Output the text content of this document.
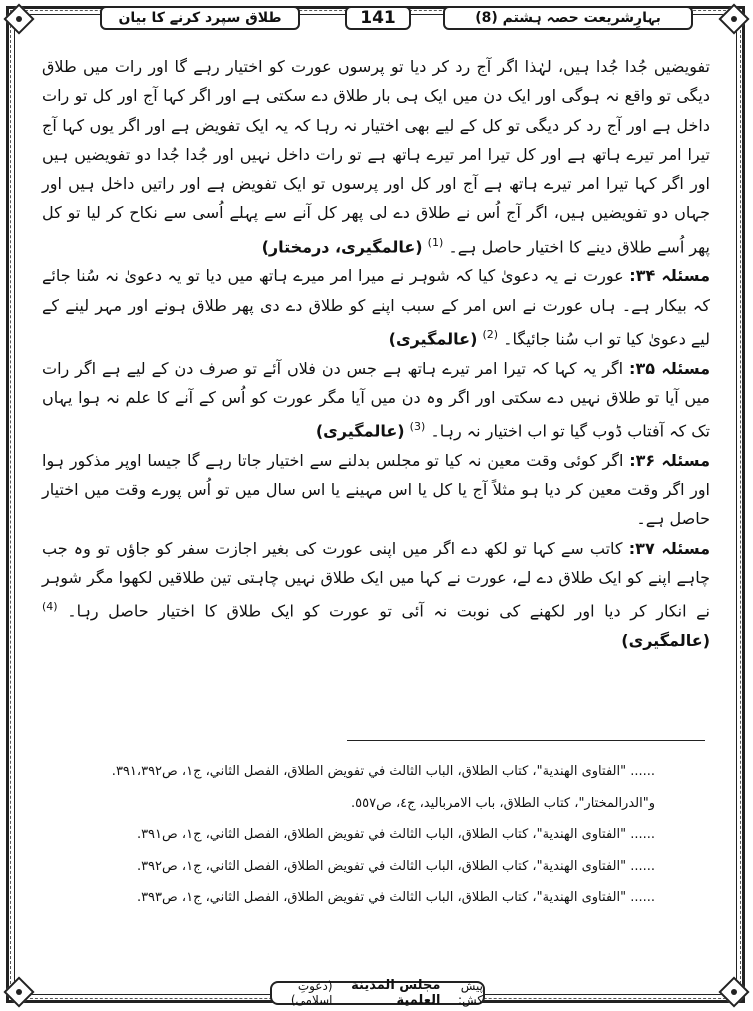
بہارِشریعت حصہ ہشتم (8)
141
طلاق سپرد کرنے کا بیان

تفویضیں جُدا جُدا ہیں، لہٰذا اگر آج رد کر دیا تو پرسوں عورت کو اختیار رہے گا اور رات میں طلاق دیگی تو واقع نہ ہوگی اور ایک دن میں ایک ہی بار طلاق دے سکتی ہے اور اگر کہا آج اور کل تو رات داخل ہے اور آج رد کر دیگی تو کل کے لیے بھی اختیار نہ رہا کہ یہ ایک تفویض ہے اور اگر یوں کہا آج تیرا امر تیرے ہاتھ ہے اور کل تیرا امر تیرے ہاتھ ہے تو رات داخل نہیں اور جُدا جُدا دو تفویضیں ہیں اور اگر کہا تیرا امر تیرے ہاتھ ہے آج اور کل اور پرسوں تو ایک تفویض ہے اور راتیں داخل ہیں اور جہاں دو تفویضیں ہیں، اگر آج اُس نے طلاق دے لی پھر کل آنے سے پہلے اُسی سے نکاح کر لیا تو کل پھر اُسے طلاق دینے کا اختیار حاصل ہے۔ $^{(1)}$ (عالمگیری، درمختار)

مسئلہ ۳۴: عورت نے یہ دعویٰ کیا کہ شوہر نے میرا امر میرے ہاتھ میں دیا تو یہ دعویٰ نہ سُنا جائے کہ بیکار ہے۔ ہاں عورت نے اس امر کے سبب اپنے کو طلاق دے دی پھر طلاق ہونے اور مہر لینے کے لیے دعویٰ کیا تو اب سُنا جائیگا۔ $^{(2)}$ (عالمگیری)

مسئلہ ۳۵: اگر یہ کہا کہ تیرا امر تیرے ہاتھ ہے جس دن فلاں آئے تو صرف دن کے لیے ہے اگر رات میں آیا تو طلاق نہیں دے سکتی اور اگر وہ دن میں آیا مگر عورت کو اُس کے آنے کا علم نہ ہوا یہاں تک کہ آفتاب ڈوب گیا تو اب اختیار نہ رہا۔ $^{(3)}$ (عالمگیری)

مسئلہ ۳۶: اگر کوئی وقت معین نہ کیا تو مجلس بدلنے سے اختیار جاتا رہے گا جیسا اوپر مذکور ہوا اور اگر وقت معین کر دیا ہو مثلاً آج یا کل یا اس مہینے یا اس سال میں تو اُس پورے وقت میں اختیار حاصل ہے۔

مسئلہ ۳۷: کاتب سے کہا تو لکھ دے اگر میں اپنی عورت کی بغیر اجازت سفر کو جاؤں تو وہ جب چاہے اپنے کو ایک طلاق دے لے، عورت نے کہا میں ایک طلاق نہیں چاہتی تین طلاقیں لکھوا مگر شوہر نے انکار کر دیا اور لکھنے کی نوبت نہ آئی تو عورت کو ایک طلاق کا اختیار حاصل رہا۔ $^{(4)}$ (عالمگیری)

...... "الفتاوی الهندية"، كتاب الطلاق، الباب الثالث في تفويض الطلاق، الفصل الثاني، ج١، ص٣٩١،٣٩٢.
و"الدرالمختار"، كتاب الطلاق، باب الامربالید، ج٤، ص٥٥٧.
...... "الفتاوی الهندية"، كتاب الطلاق، الباب الثالث في تفويض الطلاق، الفصل الثاني، ج١، ص٣٩١.
...... "الفتاوی الهندية"، كتاب الطلاق، الباب الثالث في تفويض الطلاق، الفصل الثاني، ج١، ص٣٩٢.
...... "الفتاوی الهندية"، كتاب الطلاق، الباب الثالث في تفويض الطلاق، الفصل الثاني، ج١، ص٣٩٣.
پیش کش:
مجلس المدينة العلمية
(دعوتِ اسلامی)
